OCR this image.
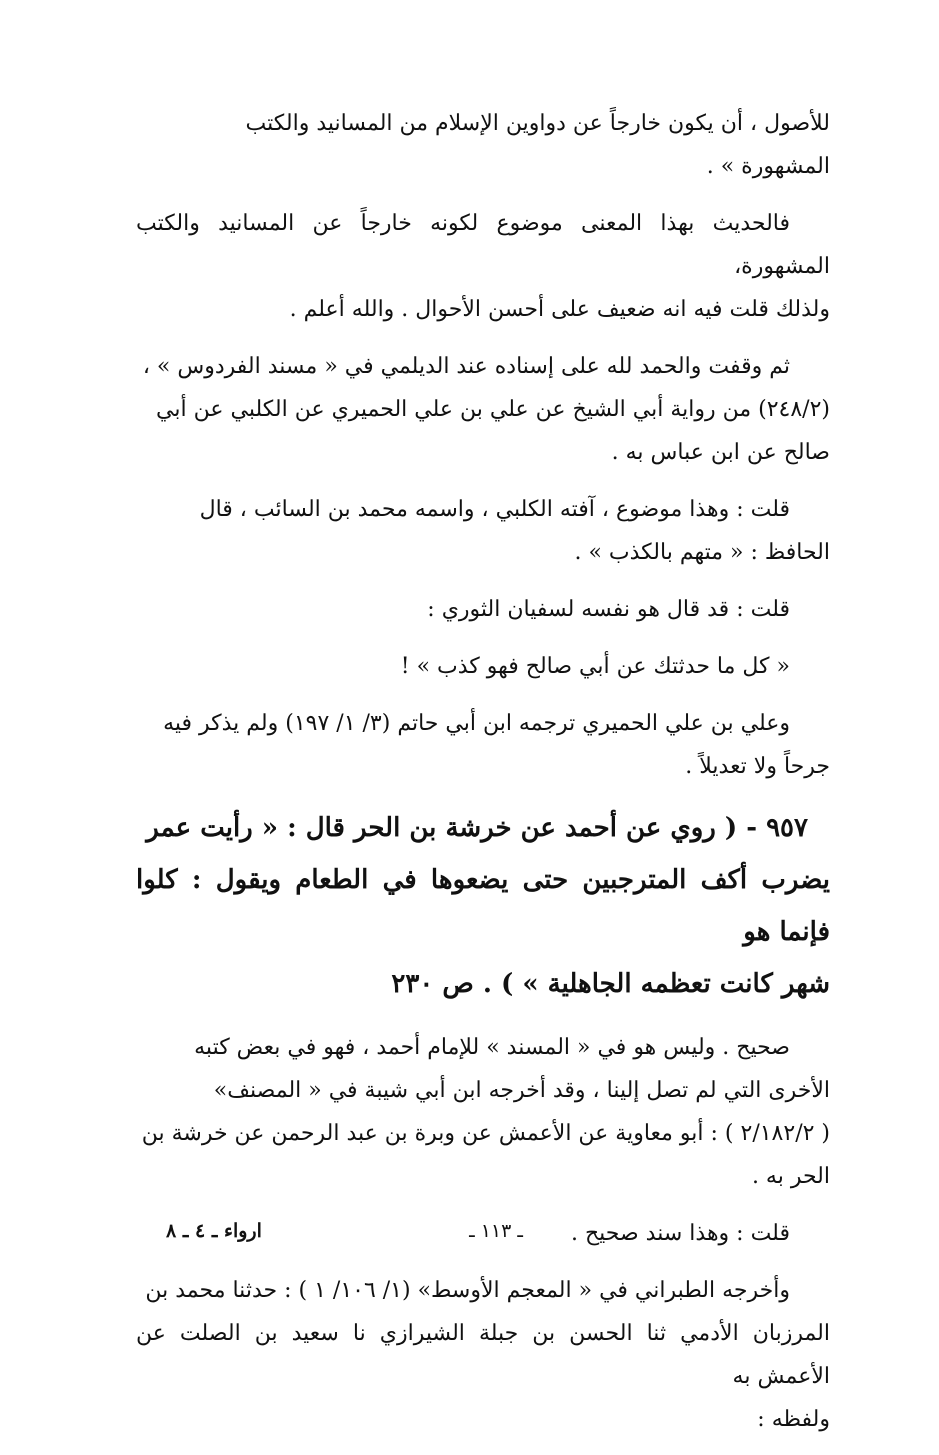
للأصول ، أن يكون خارجاً عن دواوين الإسلام من المسانيد والكتب

المشهورة » .

فالحديث بهذا المعنى موضوع لكونه خارجاً عن المسانيد والكتب المشهورة،

ولذلك قلت فيه انه ضعيف على أحسن الأحوال . والله أعلم .

ثم وقفت والحمد لله على إسناده عند الديلمي في « مسند الفردوس » ،

(٢٤٨/٢) من رواية أبي الشيخ عن علي بن علي الحميري عن الكلبي عن أبي

صالح عن ابن عباس به .

قلت : وهذا موضوع ، آفته الكلبي ، واسمه محمد بن السائب ، قال

الحافظ : « متهم بالكذب » .

قلت : قد قال هو نفسه لسفيان الثوري :

« كل ما حدثتك عن أبي صالح فهو كذب » !

وعلي بن علي الحميري ترجمه ابن أبي حاتم (٣/ ١/ ١٩٧) ولم يذكر فيه

جرحاً ولا تعديلاً .

٩٥٧ - ( روي عن أحمد عن خرشة بن الحر قال : « رأيت عمر

يضرب أكف المترجبين حتى يضعوها في الطعام ويقول : كلوا فإنما هو

شهر كانت تعظمه الجاهلية » ) . ص ٢٣٠

صحيح . وليس هو في « المسند » للإمام أحمد ، فهو في بعض كتبه

الأخرى التي لم تصل إلينا ، وقد أخرجه ابن أبي شيبة في « المصنف»

( ٢/١٨٢/٢ ) : أبو معاوية عن الأعمش عن وبرة بن عبد الرحمن عن خرشة بن

الحر به .

قلت : وهذا سند صحيح .

وأخرجه الطبراني في « المعجم الأوسط» (١/ ١٠٦/ ١ ) : حدثنا محمد بن

المرزبان الأدمي ثنا الحسن بن جبلة الشيرازي نا سعيد بن الصلت عن الأعمش به

ولفظه :

ـ ١١٣ ـ
ارواء ـ ٤ ـ ٨
